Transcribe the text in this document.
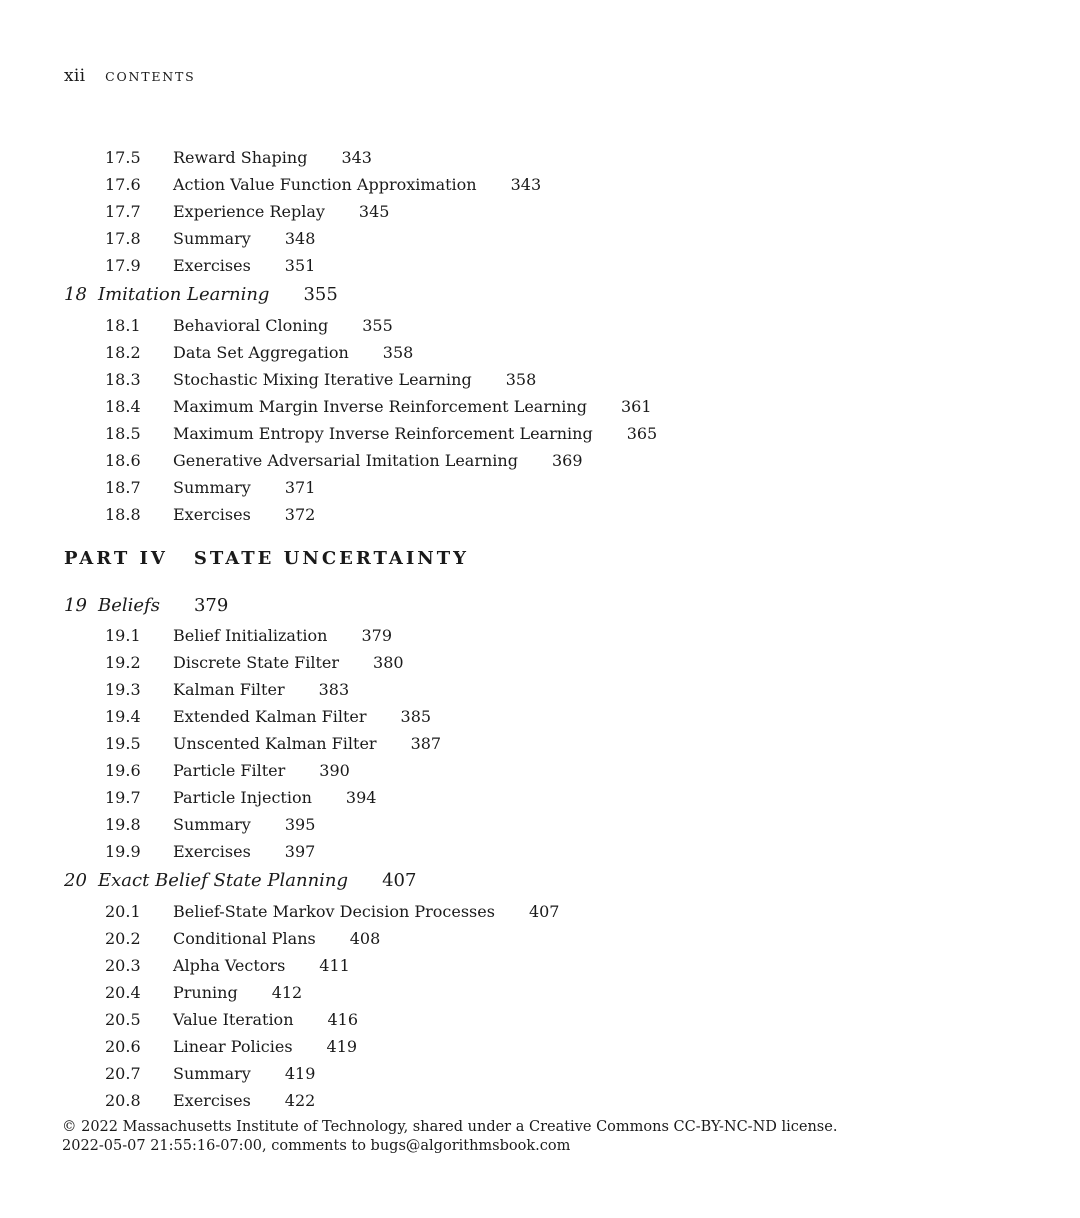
xii CONTENTS
17.5 Reward Shaping 343
17.6 Action Value Function Approximation 343
17.7 Experience Replay 345
17.8 Summary 348
17.9 Exercises 351
18 Imitation Learning 355
18.1 Behavioral Cloning 355
18.2 Data Set Aggregation 358
18.3 Stochastic Mixing Iterative Learning 358
18.4 Maximum Margin Inverse Reinforcement Learning 361
18.5 Maximum Entropy Inverse Reinforcement Learning 365
18.6 Generative Adversarial Imitation Learning 369
18.7 Summary 371
18.8 Exercises 372
PART IV STATE UNCERTAINTY
19 Beliefs 379
19.1 Belief Initialization 379
19.2 Discrete State Filter 380
19.3 Kalman Filter 383
19.4 Extended Kalman Filter 385
19.5 Unscented Kalman Filter 387
19.6 Particle Filter 390
19.7 Particle Injection 394
19.8 Summary 395
19.9 Exercises 397
20 Exact Belief State Planning 407
20.1 Belief-State Markov Decision Processes 407
20.2 Conditional Plans 408
20.3 Alpha Vectors 411
20.4 Pruning 412
20.5 Value Iteration 416
20.6 Linear Policies 419
20.7 Summary 419
20.8 Exercises 422
© 2022 Massachusetts Institute of Technology, shared under a Creative Commons CC-BY-NC-ND license.
2022-05-07 21:55:16-07:00, comments to bugs@algorithmsbook.com
